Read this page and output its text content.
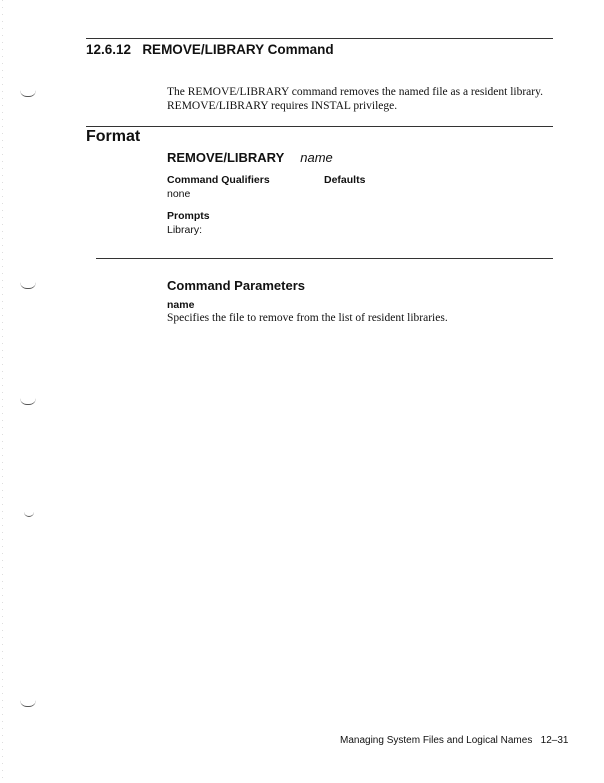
12.6.12 REMOVE/LIBRARY Command
The REMOVE/LIBRARY command removes the named file as a resident library.
REMOVE/LIBRARY requires INSTAL privilege.
Format
REMOVE/LIBRARY name
Command Qualifiers	Defaults
none
Prompts
Library:
Command Parameters
name
Specifies the file to remove from the list of resident libraries.
Managing System Files and Logical Names 12–31
